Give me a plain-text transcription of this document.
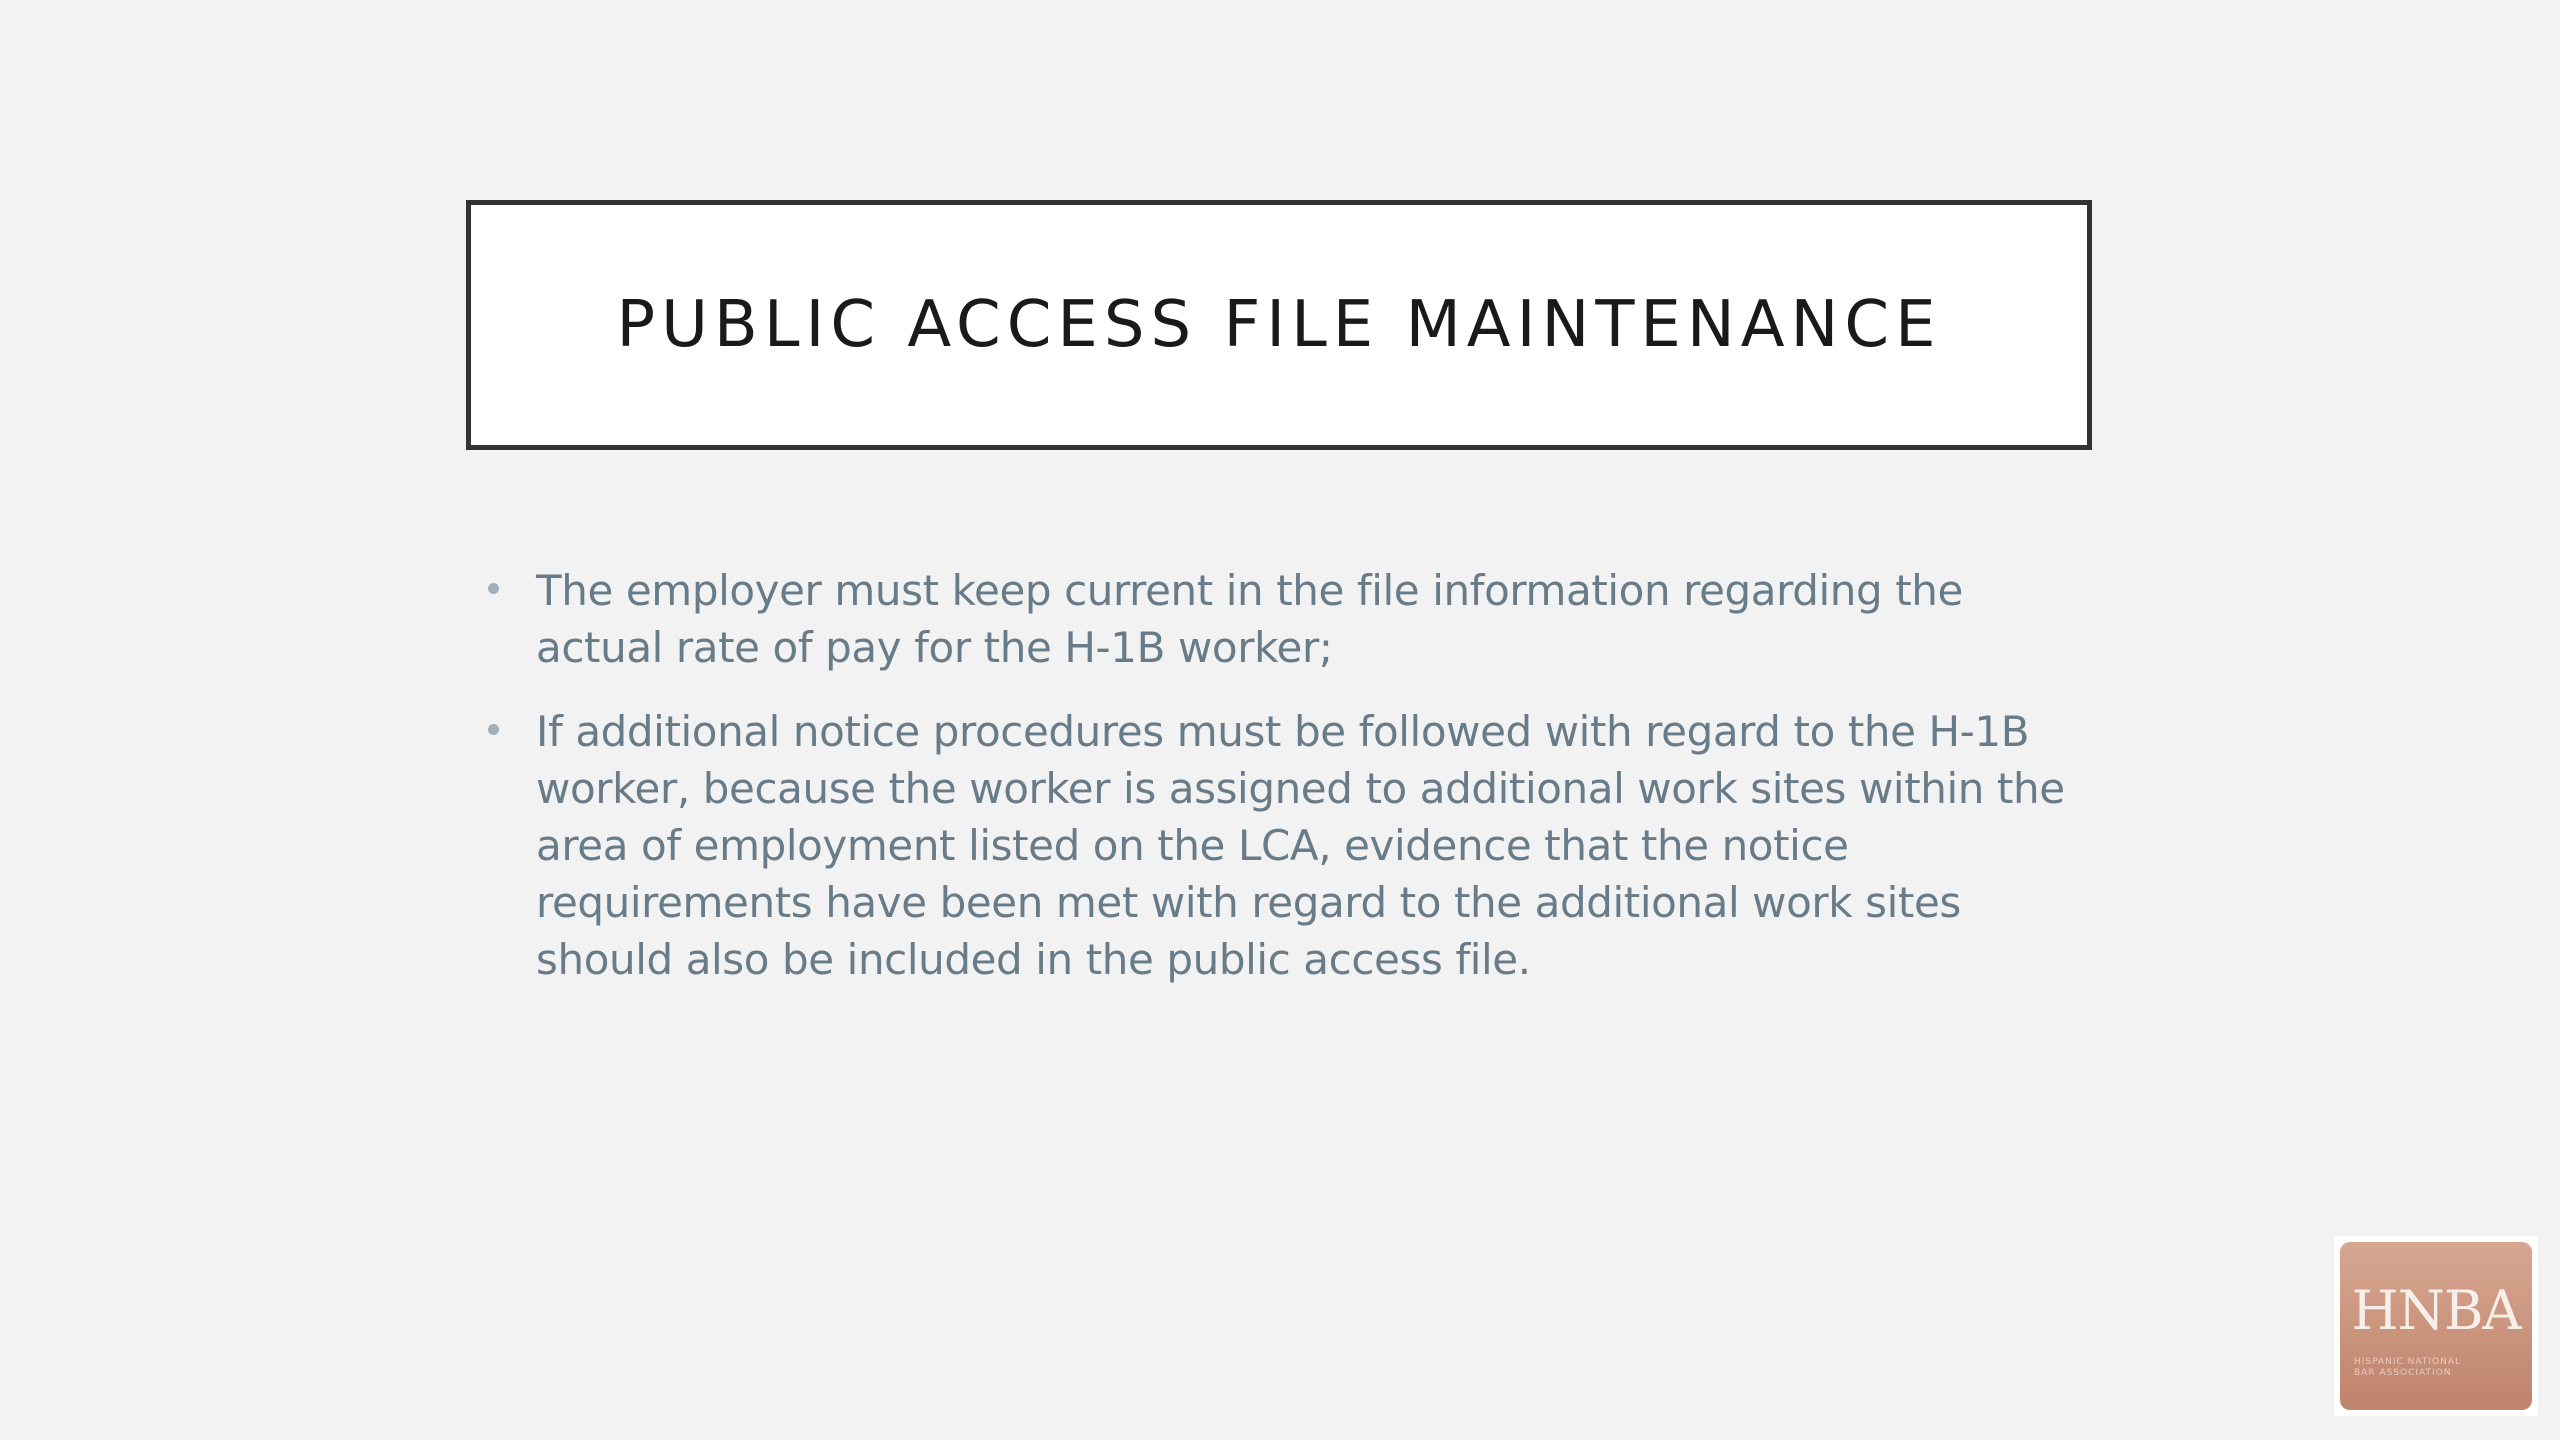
PUBLIC ACCESS FILE MAINTENANCE
The employer must keep current in the file information regarding the actual rate of pay for the H-1B worker;
If additional notice procedures must be followed with regard to the H-1B worker, because the worker is assigned to additional work sites within the area of employment listed on the LCA, evidence that the notice requirements have been met with regard to the additional work sites should also be included in the public access file.
HNBA
HISPANIC NATIONAL
BAR ASSOCIATION
